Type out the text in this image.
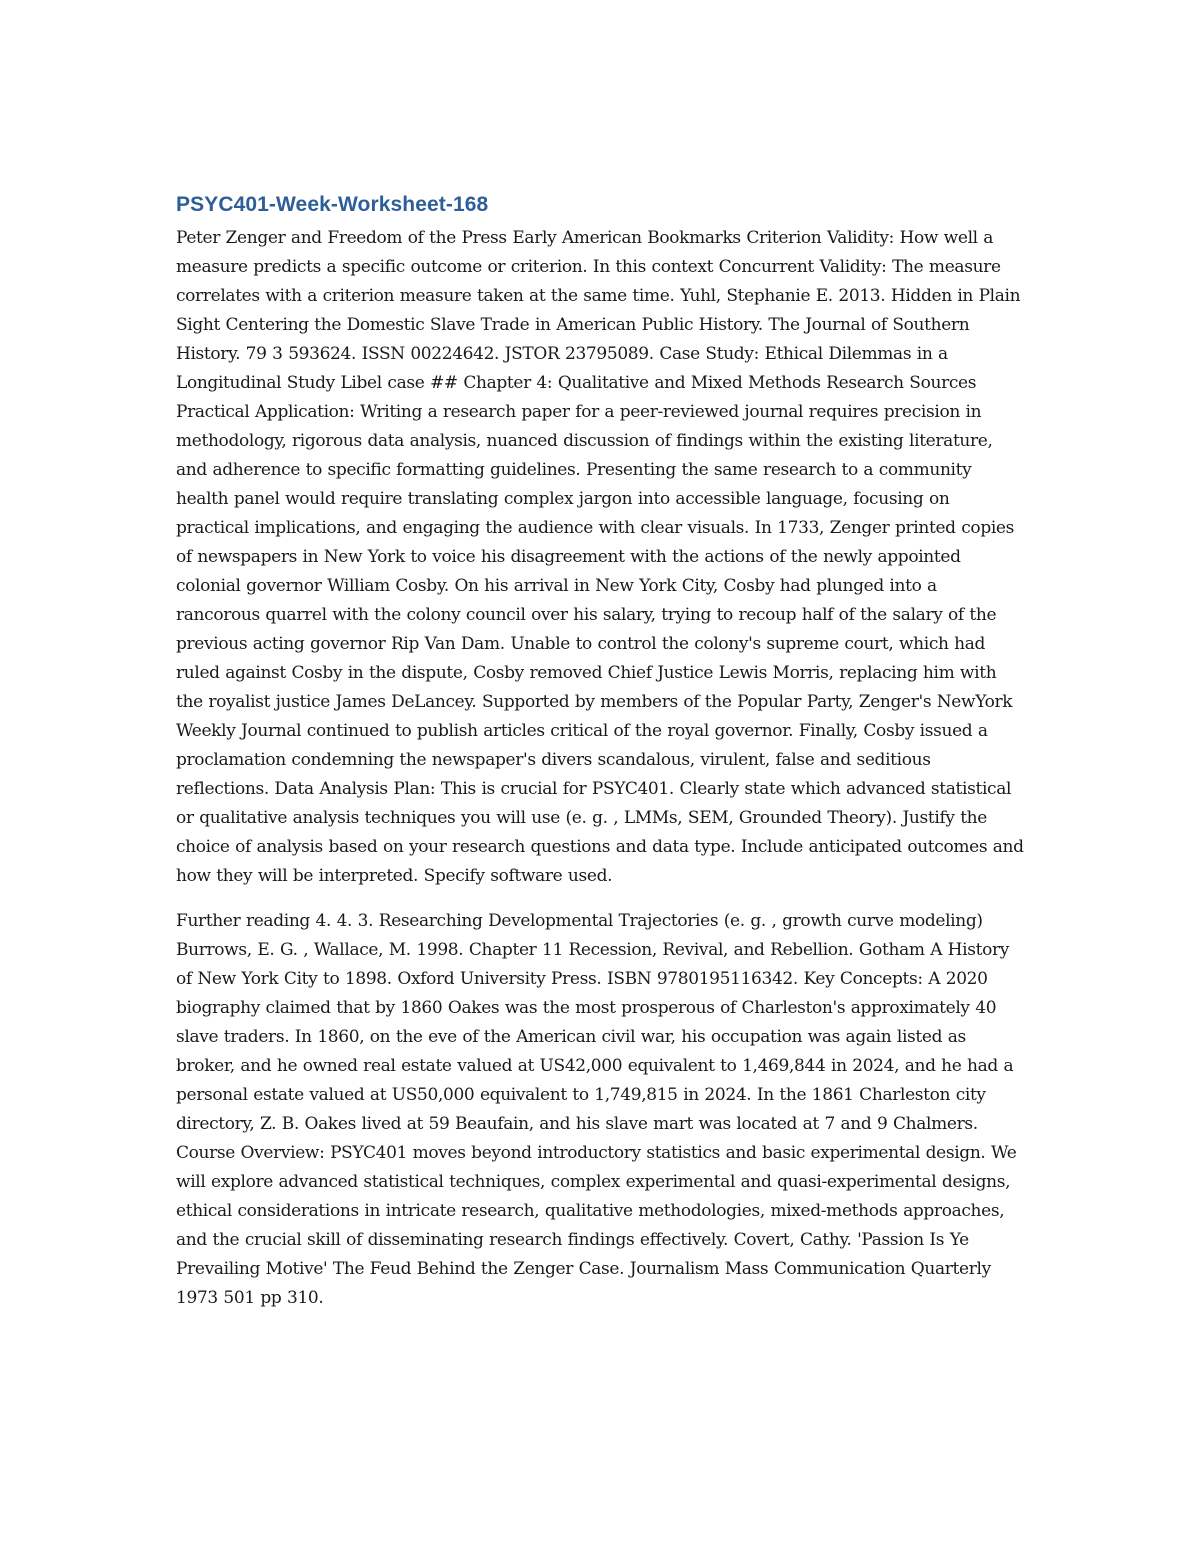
PSYC401-Week-Worksheet-168

Peter Zenger and Freedom of the Press Early American Bookmarks Criterion Validity: How well a measure predicts a specific outcome or criterion. In this context Concurrent Validity: The measure correlates with a criterion measure taken at the same time. Yuhl, Stephanie E. 2013. Hidden in Plain Sight Centering the Domestic Slave Trade in American Public History. The Journal of Southern History. 79 3 593624. ISSN 00224642. JSTOR 23795089. Case Study: Ethical Dilemmas in a Longitudinal Study Libel case ## Chapter 4: Qualitative and Mixed Methods Research Sources Practical Application: Writing a research paper for a peer-reviewed journal requires precision in methodology, rigorous data analysis, nuanced discussion of findings within the existing literature, and adherence to specific formatting guidelines. Presenting the same research to a community health panel would require translating complex jargon into accessible language, focusing on practical implications, and engaging the audience with clear visuals. In 1733, Zenger printed copies of newspapers in New York to voice his disagreement with the actions of the newly appointed colonial governor William Cosby. On his arrival in New York City, Cosby had plunged into a rancorous quarrel with the colony council over his salary, trying to recoup half of the salary of the previous acting governor Rip Van Dam. Unable to control the colony's supreme court, which had ruled against Cosby in the dispute, Cosby removed Chief Justice Lewis Morris, replacing him with the royalist justice James DeLancey. Supported by members of the Popular Party, Zenger's NewYork Weekly Journal continued to publish articles critical of the royal governor. Finally, Cosby issued a proclamation condemning the newspaper's divers scandalous, virulent, false and seditious reflections. Data Analysis Plan: This is crucial for PSYC401. Clearly state which advanced statistical or qualitative analysis techniques you will use (e. g. , LMMs, SEM, Grounded Theory). Justify the choice of analysis based on your research questions and data type. Include anticipated outcomes and how they will be interpreted. Specify software used.

Further reading 4. 4. 3. Researching Developmental Trajectories (e. g. , growth curve modeling) Burrows, E. G. , Wallace, M. 1998. Chapter 11 Recession, Revival, and Rebellion. Gotham A History of New York City to 1898. Oxford University Press. ISBN 9780195116342. Key Concepts: A 2020 biography claimed that by 1860 Oakes was the most prosperous of Charleston's approximately 40 slave traders. In 1860, on the eve of the American civil war, his occupation was again listed as broker, and he owned real estate valued at US42,000 equivalent to 1,469,844 in 2024, and he had a personal estate valued at US50,000 equivalent to 1,749,815 in 2024. In the 1861 Charleston city directory, Z. B. Oakes lived at 59 Beaufain, and his slave mart was located at 7 and 9 Chalmers. Course Overview: PSYC401 moves beyond introductory statistics and basic experimental design. We will explore advanced statistical techniques, complex experimental and quasi-experimental designs, ethical considerations in intricate research, qualitative methodologies, mixed-methods approaches, and the crucial skill of disseminating research findings effectively. Covert, Cathy. 'Passion Is Ye Prevailing Motive' The Feud Behind the Zenger Case. Journalism Mass Communication Quarterly 1973 501 pp 310.
